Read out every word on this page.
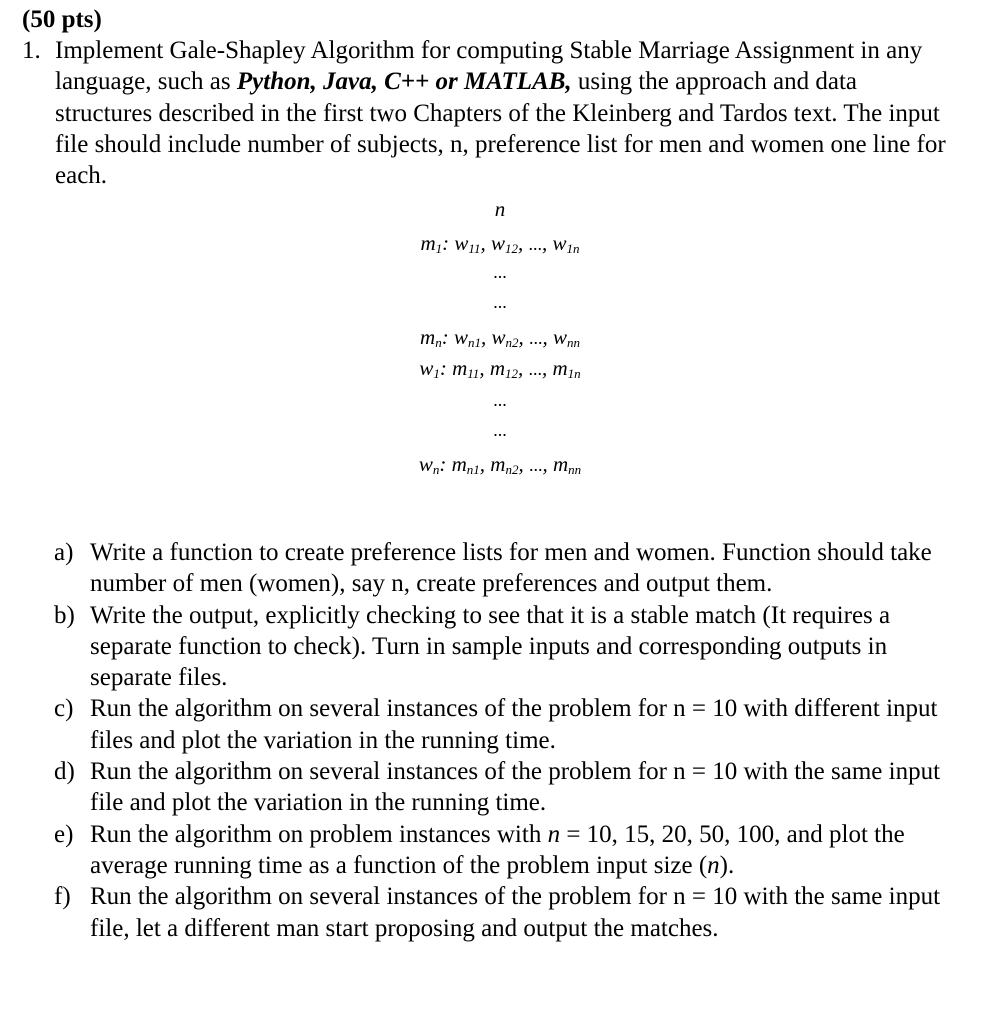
(50 pts)
1. Implement Gale-Shapley Algorithm for computing Stable Marriage Assignment in any language, such as Python, Java, C++ or MATLAB, using the approach and data structures described in the first two Chapters of the Kleinberg and Tardos text. The input file should include number of subjects, n, preference list for men and women one line for each.
n
$m_1$: $w_{11}$, $w_{12}$, ..., $w_{1n}$
...
...
$m_n$: $w_{n1}$, $w_{n2}$, ..., $w_{nn}$
$w_1$: $m_{11}$, $m_{12}$, ..., $m_{1n}$
...
...
$w_n$: $m_{n1}$, $m_{n2}$, ..., $m_{nn}$
a) Write a function to create preference lists for men and women. Function should take number of men (women), say n, create preferences and output them.
b) Write the output, explicitly checking to see that it is a stable match (It requires a separate function to check). Turn in sample inputs and corresponding outputs in separate files.
c) Run the algorithm on several instances of the problem for n = 10 with different input files and plot the variation in the running time.
d) Run the algorithm on several instances of the problem for n = 10 with the same input file and plot the variation in the running time.
e) Run the algorithm on problem instances with n = 10, 15, 20, 50, 100, and plot the average running time as a function of the problem input size (n).
f) Run the algorithm on several instances of the problem for n = 10 with the same input file, let a different man start proposing and output the matches.
